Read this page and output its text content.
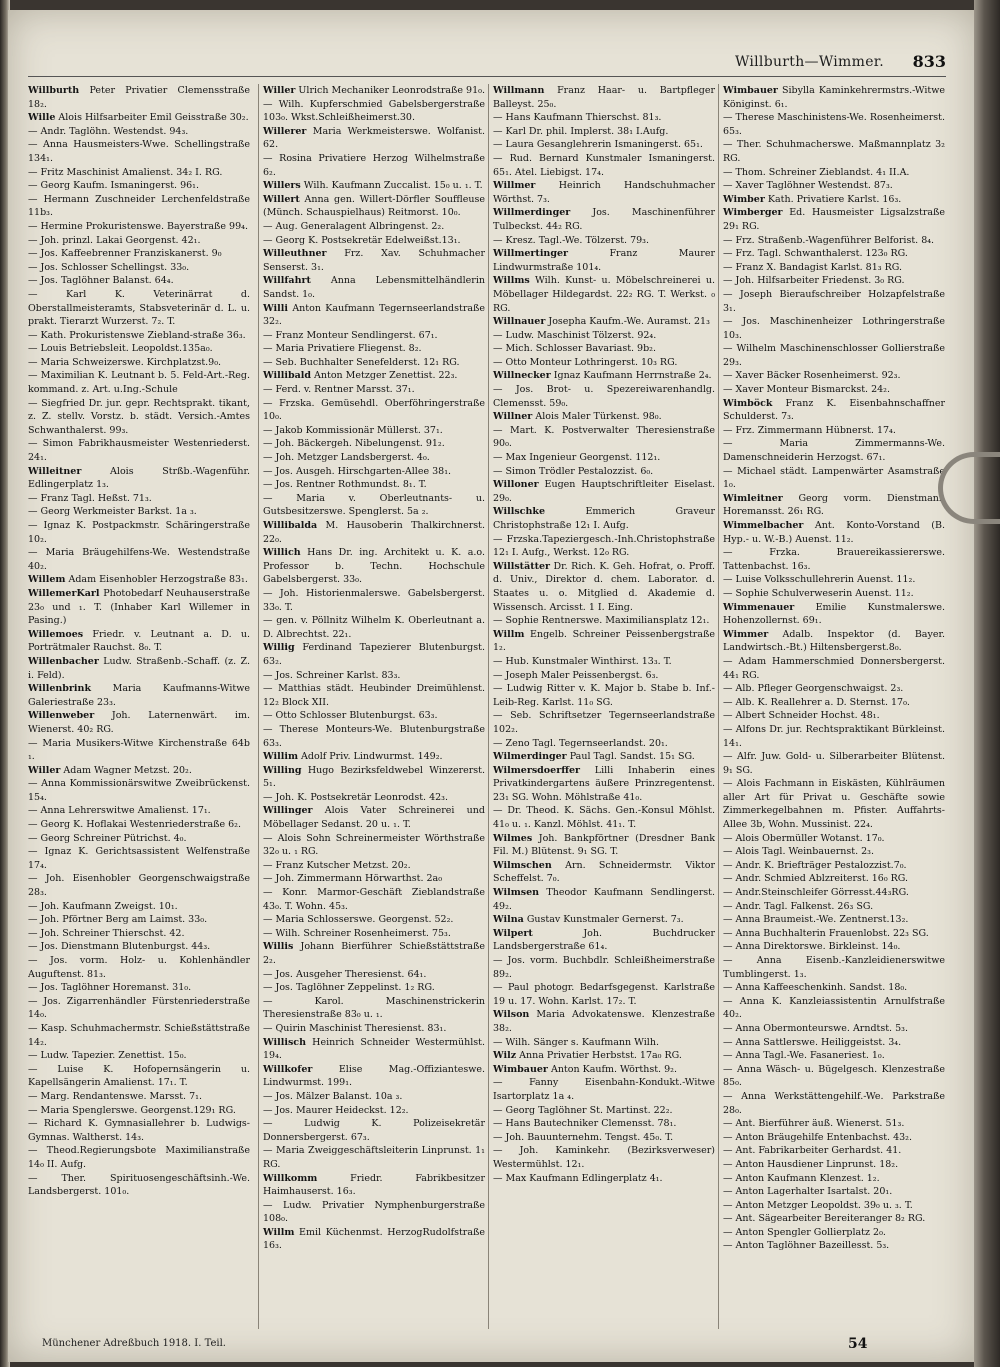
Willburth—Wimmer. 833
Willburth Peter Privatier Clemensstraße 18₂.
Wille Alois Hilfsarbeiter Emil Geisstraße 30₂.
— Andr. Taglöhn. Westendst. 94₃.
— Anna Hausmeisters-Wwe. Schellingstraße 134₁.
— Fritz Maschinist Amalienst. 34₂ I. RG.
— Georg Kaufm. Ismaningerst. 96₁.
— Hermann Zuschneider Lerchenfeldstraße 11b₃.
— Hermine Prokuristenswe. Bayerstraße 99₄.
— Joh. prinzl. Lakai Georgenst. 42₁.
— Jos. Kaffeebrenner Franziskanerst. 9₀
— Jos. Schlosser Schellingst. 33₀.
— Jos. Taglöhner Balanst. 64₄.
— Karl K. Veterinärrat d. Oberstallmeisteramts, Stabsveterinär d. L. u. prakt. Tierarzt Wurzerst. 7₂. T.
— Kath. Prokuristenswe Ziebland-straße 36₃.
— Louis Betriebsleit. Leopoldst.135a₀.
— Maria Schweizerswe. Kirchplatzst.9₀.
— Maximilian K. Leutnant b. 5. Feld-Art.-Reg. kommand. z. Art. u.Ing.-Schule
— Siegfried Dr. jur. gepr. Rechtsprakt. tikant, z. Z. stellv. Vorstz. b. städt. Versich.-Amtes Schwanthalerst. 99₃.
— Simon Fabrikhausmeister Westenriederst. 24₁.
Willeitner	Alois Strßb.-Wagenführ. Edlingerplatz 1₃.
— Franz Tagl. Heßst. 71₃.
— Georg Werkmeister Barkst. 1a ₃.
— Ignaz K. Postpackmstr. Schäringerstraße 10₂.
— Maria Bräugehilfens-We. Westendstraße 40₂.
Willem Adam Eisenhobler Herzogstraße 83₁.
WillemerKarl Photobedarf Neuhauserstraße 23₀ und ₁. T. (Inhaber Karl Willemer in Pasing.)
Willemoes Friedr. v. Leutnant a. D. u. Porträtmaler Rauchst. 8₀. T.
Willenbacher Ludw. Straßenb.-Schaff. (z. Z. i. Feld).
Willenbrink Maria Kaufmanns-Witwe Galeriestraße 23₃.
Willenweber Joh. Laternenwärt. im. Wienerst. 40₂ RG.
— Maria Musikers-Witwe Kirchenstraße 64b ₁.
Willer Adam Wagner Metzst. 20₂.
— Anna Kommissionärswitwe Zweibrückenst. 15₄.
— Anna Lehrerswitwe Amalienst. 17₁.
— Georg K. Hoflakai Westenriederstraße 6₂.
— Georg Schreiner Pütrichst. 4₀.
— Ignaz K. Gerichtsassistent Welfenstraße 17₄.
— Joh. Eisenhobler Georgenschwaigstraße 28₃.
— Joh. Kaufmann Zweigst. 10₁.
— Joh. Pförtner Berg am Laimst. 33₀.
— Joh. Schreiner Thierschst. 42.
— Jos. Dienstmann Blutenburgst. 44₃.
— Jos. vorm. Holz- u. Kohlenhändler Auguftenst. 81₃.
— Jos. Taglöhner Horemanst. 31₀.
— Jos. Zigarrenhändler Fürstenriederstraße 14₀.
— Kasp. Schuhmachermstr. Schießstättstraße 14₂.
— Ludw. Tapezier. Zenettist. 15₀.
— Luise K. Hofopernsängerin u. Kapellsängerin Amalienst. 17₁. T.
— Marg. Rendantenswe. Marsst. 7₁.
— Maria Spenglerswe. Georgenst.129₁ RG.
— Richard K. Gymnasiallehrer b. Ludwigs-Gymnas. Waltherst. 14₃.
— Theod.Regierungsbote Maximilianstraße 14₀ II. Aufg.
— Ther. Spirituosengeschäftsinh.-We. Landsbergerst. 101₀.
Willer Ulrich Mechaniker Leonrodstraße 91₀.
— Wilh. Kupferschmied Gabelsbergerstraße 103₀. Wkst.Schleißheimerst.30.
Willerer Maria Werkmeisterswe. Wolfanist. 62.
— Rosina Privatiere Herzog Wilhelmstraße 6₂.
Willers Wilh. Kaufmann Zuccalist. 15₀ u. ₁. T.
Willert Anna gen. Willert-Dörfler Soufflеuse (Münch. Schauspielhaus) Reitmorst. 10₀.
— Aug. Generalagent Albringenst. 2₂.
— Georg K. Postsekretär Edelweißst.13₁.
Willeuthner Frz. Xav. Schuhmacher Senserst. 3₁.
Willfahrt Anna Lebensmittelhändlerin Sandst. 1₀.
Willi Anton Kaufmann Tegernseerlandstraße 32₂.
— Franz Monteur Sendlingerst. 67₁.
— Maria Privatiere Fliegenst. 8₂.
— Seb. Buchhalter Senefelderst. 12₁ RG.
Willibald Anton Metzger Zenettist. 22₃.
— Ferd. v. Rentner Marsst. 37₁.
— Frzska. Gemüsehdl. Oberföhringerstraße 10₀.
— Jakob Kommissionär Müllerst. 37₁.
— Joh. Bäckergeh. Nibelungenst. 91₂.
— Joh. Metzger Landsbergerst. 4₀.
— Jos. Ausgeh. Hirschgarten-Allee 38₁.
— Jos. Rentner Rothmundst. 8₁. T.
— Maria v. Oberleutnants- u. Gutsbesitzerswe. Spenglerst. 5a ₂.
Willibalda M. Hausoberin Thalkirchnerst. 22₀.
Willich Hans Dr. ing. Architekt u. K. a.o. Professor b. Techn. Hochschule Gabelsbergerst. 33₀.
— Joh. Historienmalerswe. Gabelsbergerst. 33₀. T.
— gen. v. Pöllnitz Wilhelm K. Oberleutnant a. D. Albrechtst. 22₁.
Willig Ferdinand Tapezierer Blutenburgst. 63₂.
— Jos. Schreiner Karlst. 83₃.
— Matthias städt. Heubinder Dreimühlenst. 12₂ Block XII.
— Otto Schlosser Blutenburgst. 63₃.
— Therese Monteurs-We. Blutenburgstraße 63₃.
Willim Adolf Priv. Lindwurmst. 149₂.
Willing Hugo Bezirksfeldwebel Winzererst. 5₁.
— Joh. K. Postsekretär Leonrodst. 42₃.
Willinger Alois Vater Schreinerei und Möbellager Sedanst. 20 u. ₁. T.
— Alois Sohn Schreinermeister Wörthstraße 32₀ u. ₁ RG.
— Franz Kutscher Metzst. 20₂.
— Joh. Zimmermann Hörwarthst. 2a₀
— Konr. Marmor-Geschäft Zieblandstraße 43₀. T. Wohn. 45₃.
— Maria Schlosserswe. Georgenst. 52₂.
— Wilh. Schreiner Rosenheimerst. 75₃.
Willis Johann Bierführer Schießstättstraße 2₂.
— Jos. Ausgeher Theresienst. 64₁.
— Jos. Taglöhner Zeppelinst. 1₂ RG.
— Karol. Maschinenstrickerin Theresienstraße 83₀ u. ₁.
— Quirin Maschinist Theresienst. 83₁.
Willisch Heinrich Schneider Westermühlst. 19₄.
Willkofer	Elise Mag.-Offizianteswe. Lindwurmst. 199₁.
— Jos. Mälzer Balanst. 10a ₃.
— Jos. Maurer Heideckst. 12₂.
— Ludwig K. Polizeisekretär Donnersbergerst. 67₃.
— Maria Zweiggeschäftsleiterin Linprunst. 1₁ RG.
Willkomm	Friedr. Fabrikbesitzer Haimhauserst. 16₃.
— Ludw. Privatier Nymphenburgerstraße 108₀.
Willm Emil Küchenmst. HerzogRudolfstraße 16₃.
Willmann Franz Haar- u. Bartpfleger Balleyst. 25₀.
— Hans Kaufmann Thierschst. 81₃.
— Karl Dr. phil. Implerst. 38₁ I.Aufg.
— Laura Gesanglehrerin Ismaningerst. 65₁.
— Rud. Bernard Kunstmaler Ismaningerst. 65₁. Atel. Liebigst. 17₄.
Willmer Heinrich Handschuhmacher Wörthst. 7₃.
Willmerdinger Jos. Maschinenführer Tulbeckst. 44₂ RG.
— Kresz. Tagl.-We. Tölzerst. 79₃.
Willmertinger	Franz Maurer Lindwurmstraße 101₄.
Willms Wilh. Kunst- u. Möbelschreinerei u. Möbellager Hildegardst. 22₂ RG. T. Werkst. ₀ RG.
Willnauer Josepha Kaufm.-We. Auramst. 21₃
— Ludw. Maschinist Tölzerst. 92₄.
— Mich. Schlosser Bavariast. 9b₂.
— Otto Monteur Lothringerst. 10₃ RG.
Willnecker Ignaz Kaufmann Herrnstraße 2₄.
— Jos. Brot- u. Spezereiwarenhandlg. Clemensst. 59₀.
Willner Alois Maler Türkenst. 98₀.
— Mart. K. Postverwalter Theresienstraße 90₀.
— Max Ingenieur Georgenst. 112₁.
— Simon Trödler Pestalozzist. 6₀.
Willoner Eugen Hauptschriftleiter Eiselast. 29₀.
Willschke	Emmerich Graveur Christophstraße 12₁ I. Aufg.
— Frzska.Tapeziergesch.-Inh.Christophstraße 12₁ I. Aufg., Werkst. 12₀ RG.
Willstätter Dr. Rich. K. Geh. Hofrat, o. Proff. d. Univ., Direktor d. chem. Laborator. d. Staates u. o. Mitglied d. Akademie d. Wissensch. Arcisst. 1 I. Eing.
— Sophie Rentnerswe. Maximiliansplatz 12₁.
Willm Engelb. Schreiner Peissenbergstraße 1₂.
— Hub. Kunstmaler Winthirst. 13₃. T.
— Joseph Maler Peissenbergst. 6₃.
— Ludwig Ritter v. K. Major b. Stabe b. Inf.-Leib-Reg. Karlst. 11₀ SG.
— Seb. Schriftsetzer Tegernseerlandstraße 102₂.
— Zeno Tagl. Tegernseerlandst. 20₁.
Wilmerdinger Paul Tagl. Sandst. 15₁ SG.
Wilmersdoerffer Lilli Inhaberin eines Privatkindergartens äußere Prinzregentenst. 23₁ SG. Wohn. Möhlstraße 41₀.
— Dr. Theod. K. Sächs. Gen.-Konsul Möhlst. 41₀ u. ₁. Kanzl. Möhlst. 41₁. T.
Wilmes Joh. Bankpförtner (Dresdner Bank Fil. M.) Blütenst. 9₁ SG. T.
Wilmschen Arn. Schneidermstr. Viktor Scheffelst. 7₀.
Wilmsen Theodor Kaufmann Sendlingerst. 49₂.
Wilna Gustav Kunstmaler Gernerst. 7₃.
Wilpert	Joh. Buchdrucker Landsbergerstraße 61₄.
— Jos. vorm. Buchbdlr. Schleißheimerstraße 89₂.
— Paul photogr. Bedarfsgegenst. Karlstraße 19 u. 17. Wohn. Karlst. 17₂. T.
Wilson Maria Advokatenswe. Klenzestraße 38₂.
— Wilh. Sänger s. Kaufmann Wilh.
Wilz Anna Privatier Herbstst. 17a₀ RG.
Wimbauer Anton Kaufm. Wörthst. 9₂.
— Fanny Eisenbahn-Kondukt.-Witwe Isartorplatz 1a ₄.
— Georg Taglöhner St. Martinst. 22₂.
— Hans Bautechniker Clemensst. 78₁.
— Joh. Bauunternehm. Tengst. 45₀. T.
— Joh. Kaminkehr. (Bezirksverweser) Westermühlst. 12₁.
— Max Kaufmann Edlingerplatz 4₁.
Wimbauer Sibylla Kaminkehrermstrs.-Witwe Königinst. 6₁.
— Therese Maschinistens-We. Rosenheimerst. 65₃.
— Ther. Schuhmacherswe. Maßmannplatz 3₂ RG.
— Thom. Schreiner Zieblandst. 4₁ II.A.
— Xaver Taglöhner Westendst. 87₃.
Wimber Kath. Privatiere Karlst. 16₃.
Wimberger Ed. Hausmeister Ligsalzstraße 29₁ RG.
— Frz. Straßenb.-Wagenführer Belforist. 8₄.
— Frz. Tagl. Schwanthalerst. 123₀ RG.
— Franz X. Bandagist Karlst. 81₃ RG.
— Joh. Hilfsarbeiter Friedenst. 3₀ RG.
— Joseph Bieraufschreiber Holzapfelstraße 3₁.
— Jos. Maschinenheizer Lothringerstraße 10₃.
— Wilhelm Maschinenschlosser Gollierstraße 29₃.
— Xaver Bäcker Rosenheimerst. 92₃.
— Xaver Monteur Bismarckst. 24₂.
Wimböck Franz K. Eisenbahnschaffner Schulderst. 7₃.
— Frz. Zimmermann Hübnerst. 17₄.
— Maria Zimmermanns-We. Damenschneiderin Herzogst. 67₁.
— Michael städt. Lampenwärter Asamstraße 1₀.
Wimleitner Georg vorm. Dienstmann Horemansst. 26₁ RG.
Wimmelbacher Ant. Konto-Vorstand (B. Hyp.- u. W.-B.) Auenst. 11₂.
— Frzka. Brauereikassiererswe. Tattenbachst. 16₃.
— Luise Volksschullehrerin Auenst. 11₂.
— Sophie Schulverweserin Auenst. 11₂.
Wimmenauer Emilie Kunstmalerswe. Hohenzollernst. 69₁.
Wimmer Adalb. Inspektor (d. Bayer. Landwirtsch.-Bt.) Hiltensbergerst.8₀.
— Adam Hammerschmied Donnersbergerst. 44₁ RG.
— Alb. Pfleger Georgenschwaigst. 2₃.
— Alb. K. Reallehrer a. D. Sternst. 17₀.
— Albert Schneider Hochst. 48₁.
— Alfons Dr. jur. Rechtspraktikant Bürkleinst. 14₁.
— Alfr. Juw. Gold- u. Silberarbeiter Blütenst. 9₁ SG.
— Alois Fachmann in Eiskästen, Kühlräumen aller Art für Privat u. Geschäfte sowie Zimmerkegelbahnen m. Pfister. Auffahrts-Allee 3b, Wohn. Mussinist. 22₄.
— Alois Obermüller Wotanst. 17₀.
— Alois Tagl. Weinbauernst. 2₃.
— Andr. K. Briefträger Pestalozzist.7₀.
— Andr. Schmied Ablzreiterst. 16₀ RG.
— Andr.Steinschleifer Görresst.44₃RG.
— Andr. Tagl. Falkenst. 26₃ SG.
— Anna Braumeist.-We. Zentnerst.13₂.
— Anna Buchhalterin Frauenlobst. 22₃ SG.
— Anna Direktorswe. Birkleinst. 14₀.
— Anna Eisenb.-Kanzleidienerswitwe Tumblingerst. 1₃.
— Anna Kaffeeschenkinh. Sandst. 18₀.
— Anna K. Kanzleiassistentin Arnulfstraße 40₂.
— Anna Obermonteurswe. Arndtst. 5₃.
— Anna Sattlerswe. Heiliggeistst. 3₄.
— Anna Tagl.-We. Fasaneriest. 1₀.
— Anna Wäsch- u. Bügelgesch. Klenzestraße 85₀.
— Anna Werkstättengehilf.-We. Parkstraße 28₀.
— Ant. Bierführer äuß. Wienerst. 51₃.
— Anton Bräugehilfe Entenbachst. 43₂.
— Ant. Fabrikarbeiter Gerhardst. 41.
— Anton Hausdiener Linprunst. 18₂.
— Anton Kaufmann Klenzest. 1₂.
— Anton Lagerhalter Isartalst. 20₁.
— Anton Metzger Leopoldst. 39₀ u. ₃. T.
— Ant. Sägearbeiter Bereiteranger 8₂ RG.
— Anton Spengler Gollierplatz 2₀.
— Anton Taglöhner Bazeillesst. 5₃.
Münchener Adreßbuch 1918. I. Teil.	54
